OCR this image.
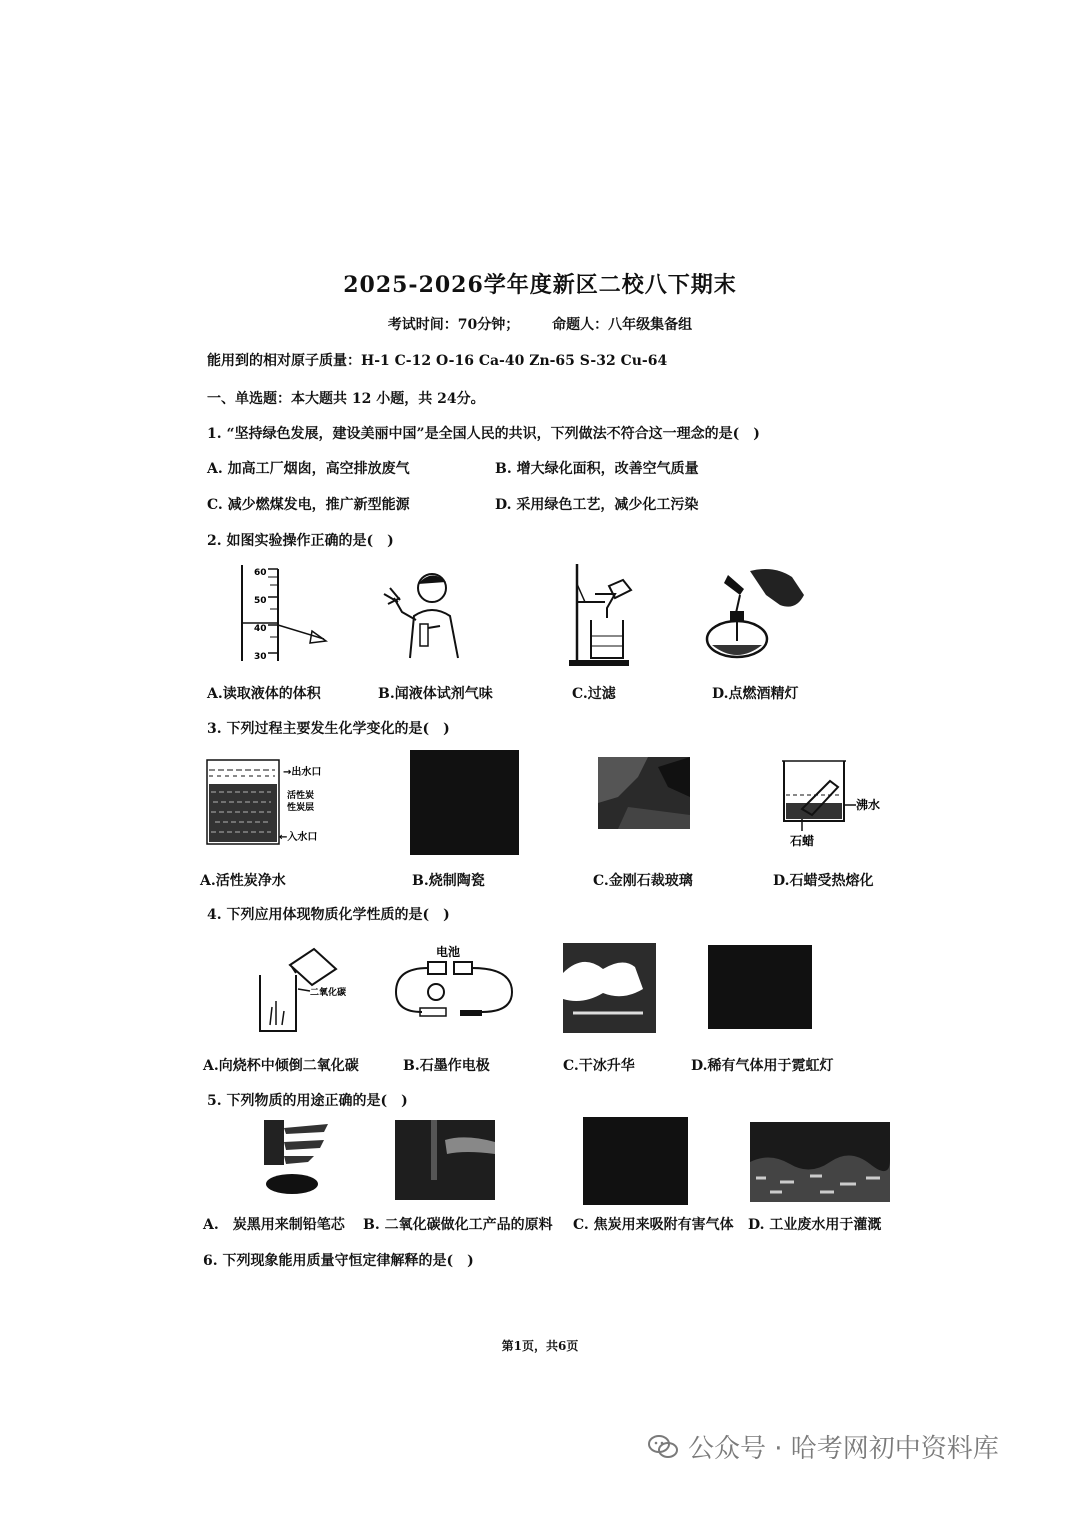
2025-2026学年度新区二校八下期末
考试时间：70分钟； 命题人：八年级集备组
能用到的相对原子质量：H-1 C-12 O-16 Ca-40 Zn-65 S-32 Cu-64
一、单选题：本大题共 12 小题，共 24分。
1. “坚持绿色发展，建设美丽中国”是全国人民的共识，下列做法不符合这一理念的是(　)
A. 加高工厂烟囱，高空排放废气	B. 增大绿化面积，改善空气质量
C. 减少燃煤发电，推广新型能源	D. 采用绿色工艺，减少化工污染
2. 如图实验操作正确的是(　)
60
50
40
30
A.读取液体的体积	B.闻液体试剂气味	C.过滤	D.点燃酒精灯
3. 下列过程主要发生化学变化的是(　)
→出水口
活性炭
性炭层
←入水口
沸水
石蜡
A.活性炭净水	B.烧制陶瓷	C.金刚石裁玻璃	D.石蜡受热熔化
4. 下列应用体现物质化学性质的是(　)
二氧化碳
电池
A.向烧杯中倾倒二氧化碳	B.石墨作电极	C.干冰升华	D.稀有气体用于霓虹灯
5. 下列物质的用途正确的是(　)
A.　炭黑用来制铅笔芯 B. 二氧化碳做化工产品的原料 C. 焦炭用来吸附有害气体 D. 工业废水用于灌溉
6. 下列现象能用质量守恒定律解释的是(　)
第1页，共6页
公众号 · 哈考网初中资料库
